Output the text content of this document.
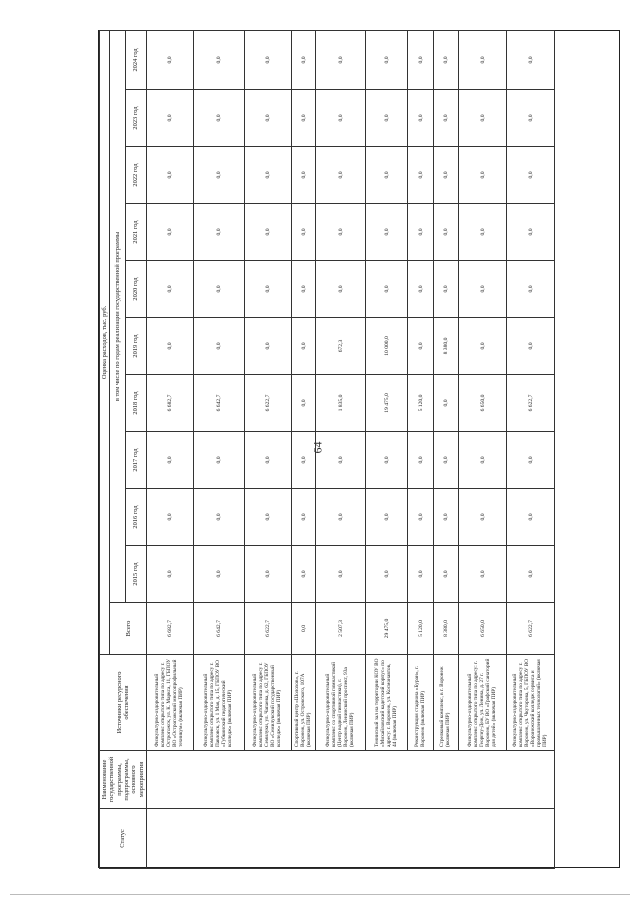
64
Статус	Наименование государственной программы, подпрограммы, основного мероприятия	Источники ресурсного обеспечения	Оценка расходов, тыс. руб.										
			Всего	в том числе по годам реализации государственной программы									
				2015 год	2016 год	2017 год	2018 год	2019 год	2020 год	2021 год	2022 год	2023 год	2024 год
		Физкультурно-оздоровительный комплекс открытого типа по адресу г. Острогожск, ул. К. Маркса, 11, ГБПОУ ВО «Острогожский многопрофильный техникум» (включая ПИР)	6 682,7	0,0	0,0	0,0	6 682,7	0,0	0,0	0,0	0,0	0,0	0,0
		Физкультурно-оздоровительный комплекс открытого типа по адресу г. Павловск, ул. 1 Мая, д. 15, ГБПОУ ВО «Губкинский педагогический колледж» (включая ПИР)	6 642,7	0,0	0,0	0,0	6 642,7	0,0	0,0	0,0	0,0	0,0	0,0
		Физкультурно-оздоровительный комплекс открытого типа по адресу г. Семилуки, ул. Чапаева, д. 62, ГБПОУ ВО «Семилукский государственный колледж» (включая ПИР)	6 622,7	0,0	0,0	0,0	6 622,7	0,0	0,0	0,0	0,0	0,0	0,0
		Спортивный центр «Шолохов», г. Воронеж, ул. Островского, 107А (включая ПИР)	0,0	0,0	0,0	0,0	0,0	0,0	0,0	0,0	0,0	0,0	0,0
		Физкультурно-оздоровительный комплекс со спортивной гимнастикой (Центр водной гимнастики), г. Воронеж, Ленинский проспект, 93а (включая ПИР)	2 507,3	0,0	0,0	0,0	1 835,0	672,3	0,0	0,0	0,0	0,0	0,0
		Теннисный зал на территории КОУ ВО «Михайловский кадетский корпус» по адресу: г. Воронеж, ул. Космонавтов, 44 (включая ПИР)	29 475,0	0,0	0,0	0,0	19 475,0	10 000,0	0,0	0,0	0,0	0,0	0,0
		Реконструкция стадиона «Буран», г. Воронеж (включая ПИР)	5 120,0	0,0	0,0	0,0	5 120,0	0,0	0,0	0,0	0,0	0,0	0,0
		Стрелковый комплекс, в г. Воронеж (включая ПИР)	8 380,0	0,0	0,0	0,0	0,0	8 380,0	0,0	0,0	0,0	0,0	0,0
		Физкультурно-оздоровительный комплекс открытого типа по адресу: г. Георгиу-Деж, ул. Ленина, д. 27 г. Воронеж, БУ ВО «Графский санаторий для детей» (включая ПИР)	6 650,0	0,0	0,0	0,0	6 650,0	0,0	0,0	0,0	0,0	0,0	0,0
		Физкультурно-оздоровительный комплекс открытого типа по адресу г. Воронеж, ул. Чкуторова, 5, ГБПОУ ВО «Воронежский колледж сервиса и промышленных технологий» (включая ПИР)	6 622,7	0,0	0,0	0,0	6 622,7	0,0	0,0	0,0	0,0	0,0	0,0
